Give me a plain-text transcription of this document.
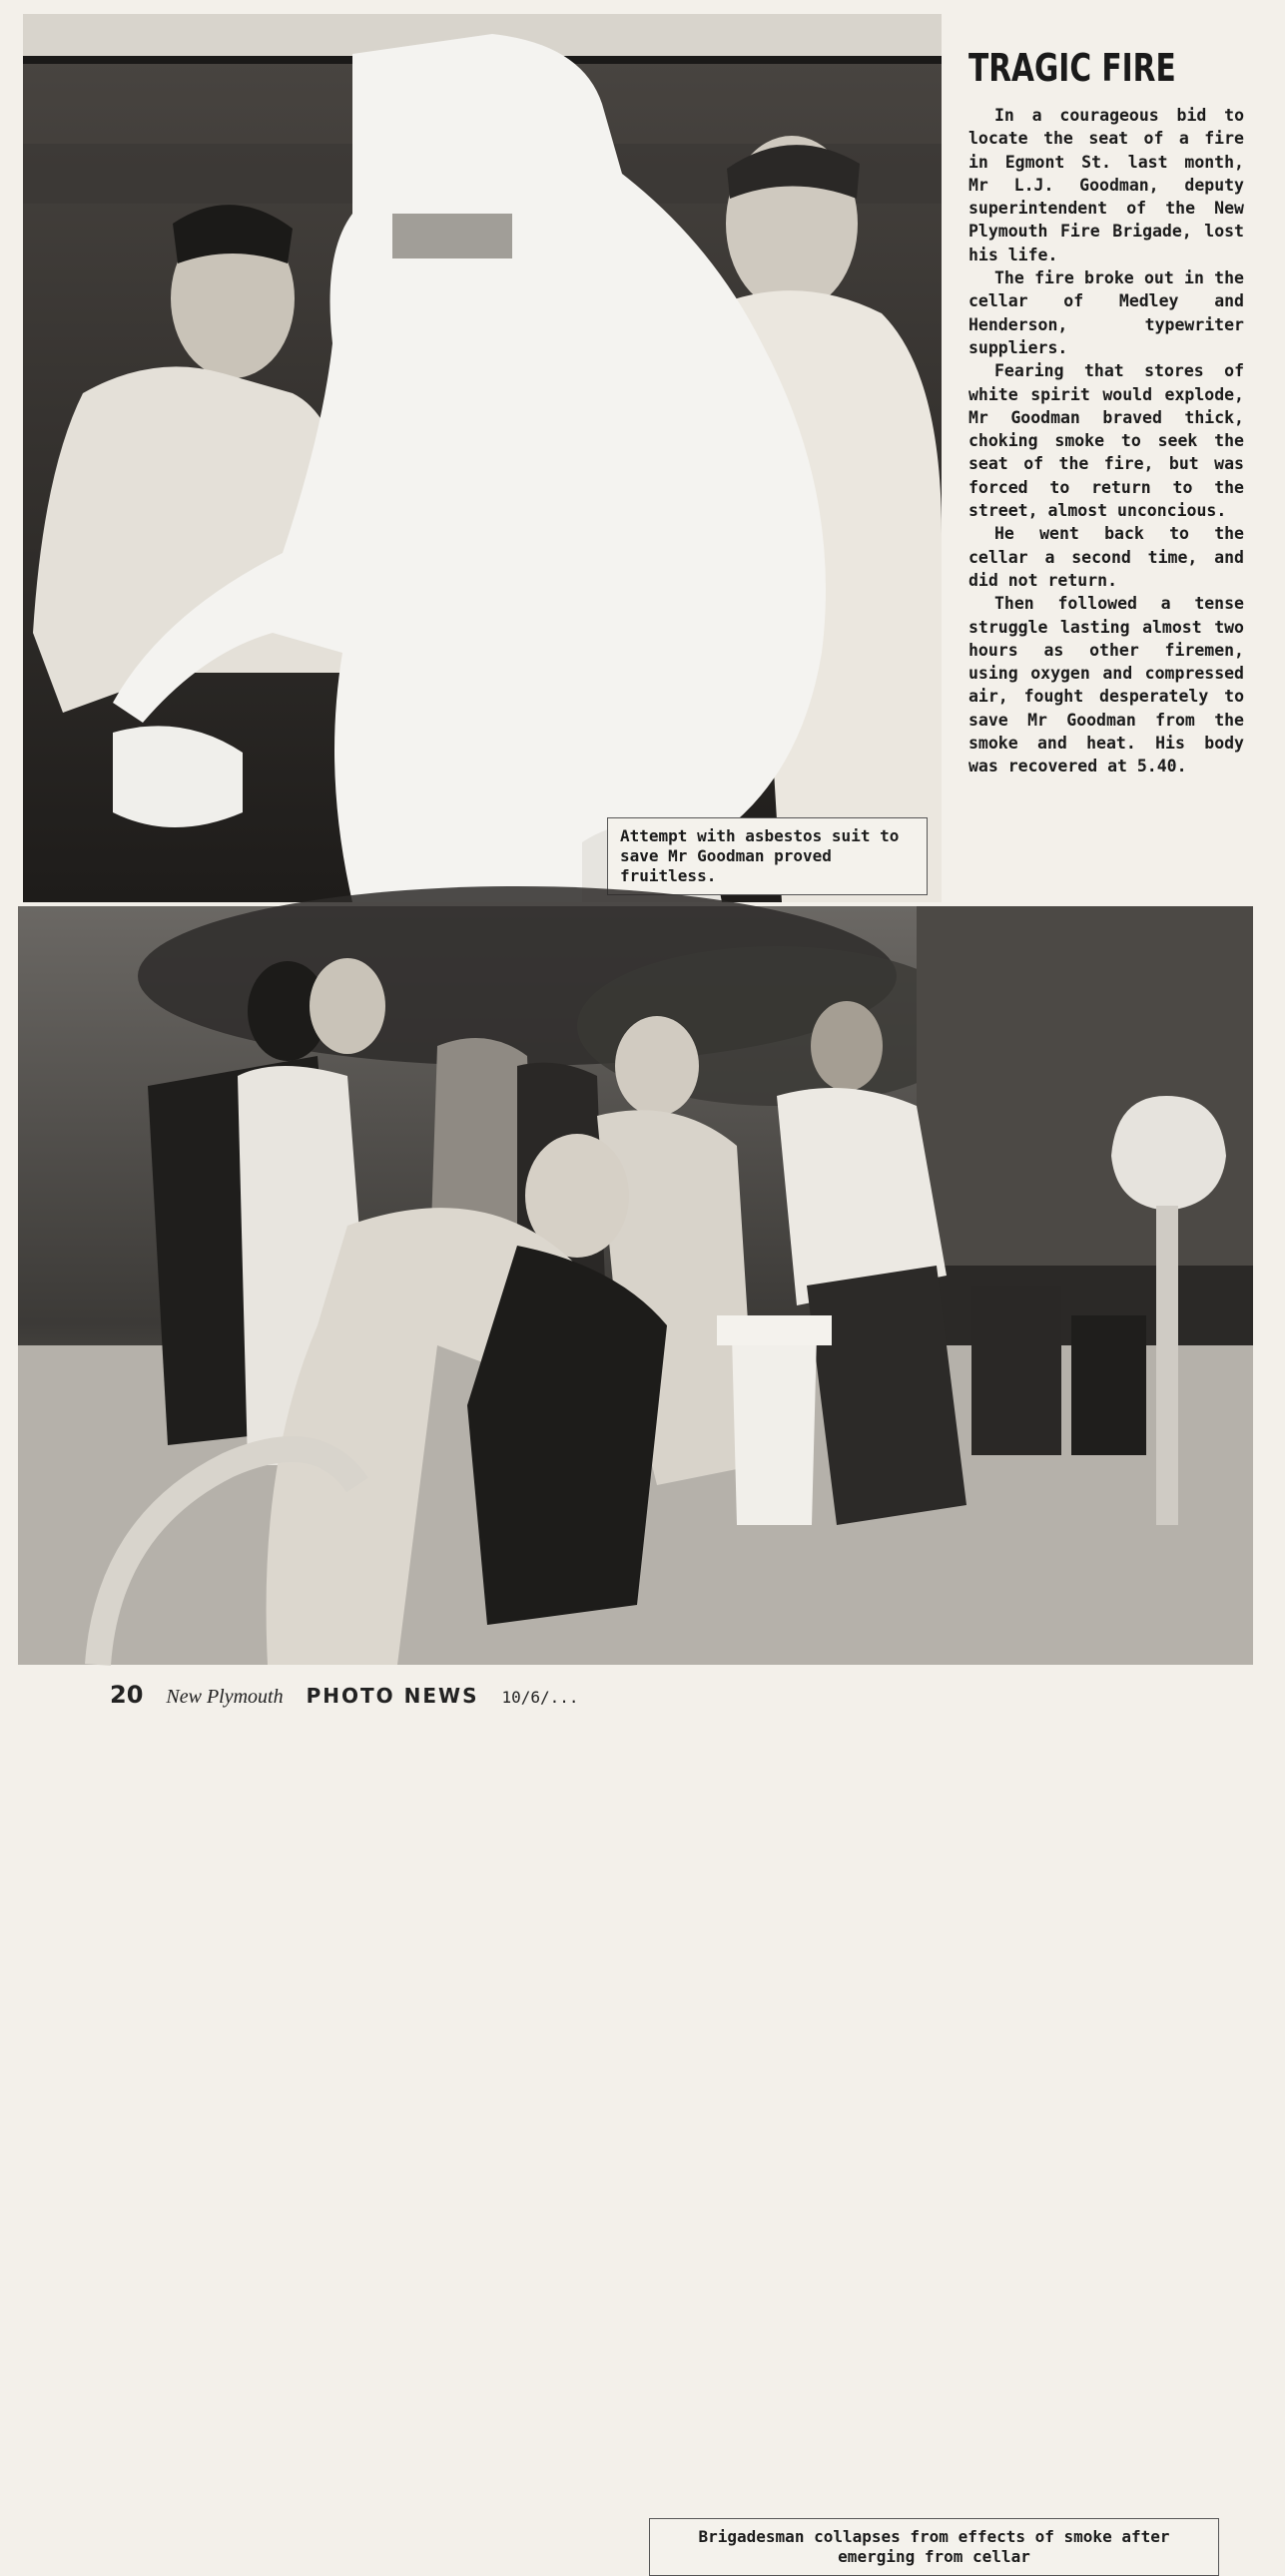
Attempt with asbestos suit to save Mr Goodman proved fruitless.
TRAGIC FIRE

In a courageous bid to locate the seat of a fire in Egmont St. last month, Mr L.J. Goodman, deputy superintendent of the New Plymouth Fire Brigade, lost his life.

The fire broke out in the cellar of Medley and Henderson, typewriter suppliers.

Fearing that stores of white spirit would explode, Mr Goodman braved thick, choking smoke to seek the seat of the fire, but was forced to return to the street, almost unconcious.

He went back to the cellar a second time, and did not return.

Then followed a tense struggle lasting almost two hours as other firemen, using oxygen and compressed air, fought desperately to save Mr Goodman from the smoke and heat. His body was recovered at 5.40.

Brigadesman collapses from effects of smoke after emerging from cellar
20 New Plymouth PHOTO NEWS 10/6/...
